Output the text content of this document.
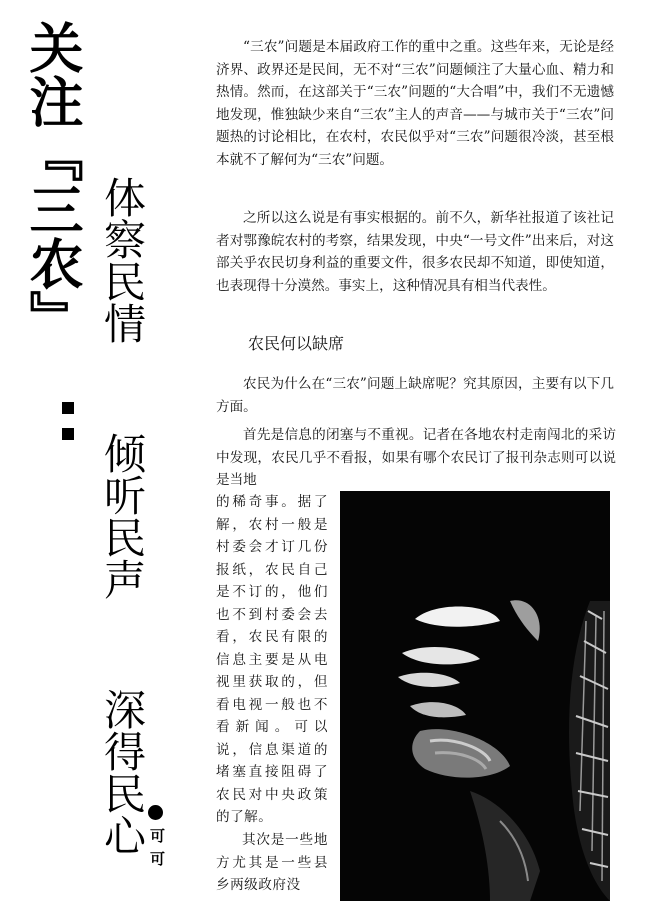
关注『三农』 体察民情
倾听民声
深得民心 可可

“三农”问题是本届政府工作的重中之重。这些年来，无论是经济界、政界还是民间，无不对“三农”问题倾注了大量心血、精力和热情。然而，在这部关于“三农”问题的“大合唱”中，我们不无遗憾地发现，惟独缺少来自“三农”主人的声音——与城市关于“三农”问题热的讨论相比，在农村，农民似乎对“三农”问题很冷淡，甚至根本就不了解何为“三农”问题。

之所以这么说是有事实根据的。前不久，新华社报道了该社记者对鄂豫皖农村的考察，结果发现，中央“一号文件”出来后，对这部关乎农民切身利益的重要文件，很多农民却不知道，即使知道，也表现得十分漠然。事实上，这种情况具有相当代表性。

农民何以缺席

农民为什么在“三农”问题上缺席呢？究其原因，主要有以下几方面。

首先是信息的闭塞与不重视。记者在各地农村走南闯北的采访中发现，农民几乎不看报，如果有哪个农民订了报刊杂志则可以说是当地

的稀奇事。据了解，农村一般是村委会才订几份报纸，农民自己是不订的，他们也不到村委会去看，农民有限的信息主要是从电视里获取的，但看电视一般也不看新闻。可以说，信息渠道的堵塞直接阻碍了农民对中央政策的了解。

其次是一些地方尤其是一些县乡两级政府没
